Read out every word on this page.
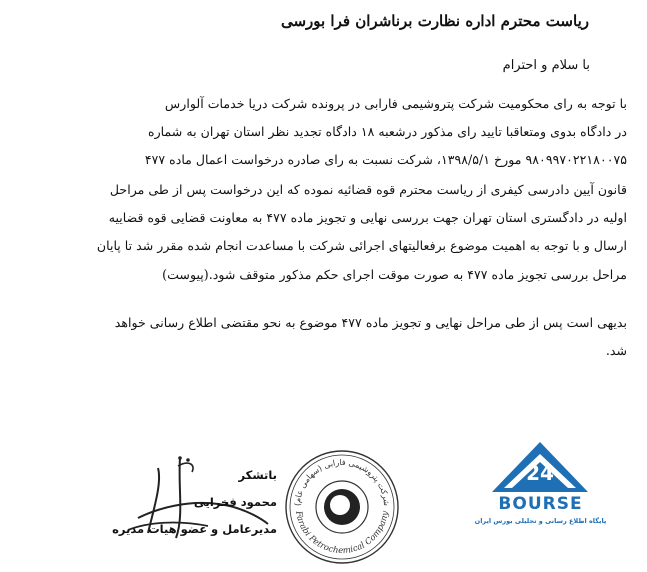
ریاست محترم اداره نظارت برناشران فرا بورسی
با سلام و احترام
با توجه به رای محکومیت شرکت پتروشیمی فارابی در پرونده شرکت دریا خدمات آلوارس
در دادگاه بدوی ومتعاقبا تایید رای مذکور درشعبه ۱۸ دادگاه تجدید نظر استان تهران به شماره
۹۸۰۹۹۷۰۲۲۱۸۰۰۷۵ مورخ ۱۳۹۸/۵/۱، شرکت نسبت به رای صادره درخواست اعمال ماده ۴۷۷
قانون آیین دادرسی کیفری از ریاست محترم قوه قضائیه نموده که این درخواست پس از طی مراحل
اولیه در دادگستری استان تهران جهت بررسی نهایی و تجویز ماده ۴۷۷ به معاونت قضایی قوه قضاییه
ارسال و با توجه به اهمیت موضوع برفعالیتهای اجرائی شرکت با مساعدت انجام شده مقرر شد تا پایان
مراحل بررسی تجویز ماده ۴۷۷ به صورت موقت اجرای حکم مذکور متوقف شود.(پیوست)
بدیهی است پس از طی مراحل نهایی و تجویز ماده ۴۷۷ موضوع به نحو مقتضی اطلاع رسانی خواهد
شد.
شرکت پتروشیمی فارابی (سهامی عام)
Farabi Petrochemical Company
باتشکر
محمود فخرایی
مدیرعامل و عضو هیات مدیره
24
BOURSE
پایگاه اطلاع رسانی و تحلیلی بورس ایران
